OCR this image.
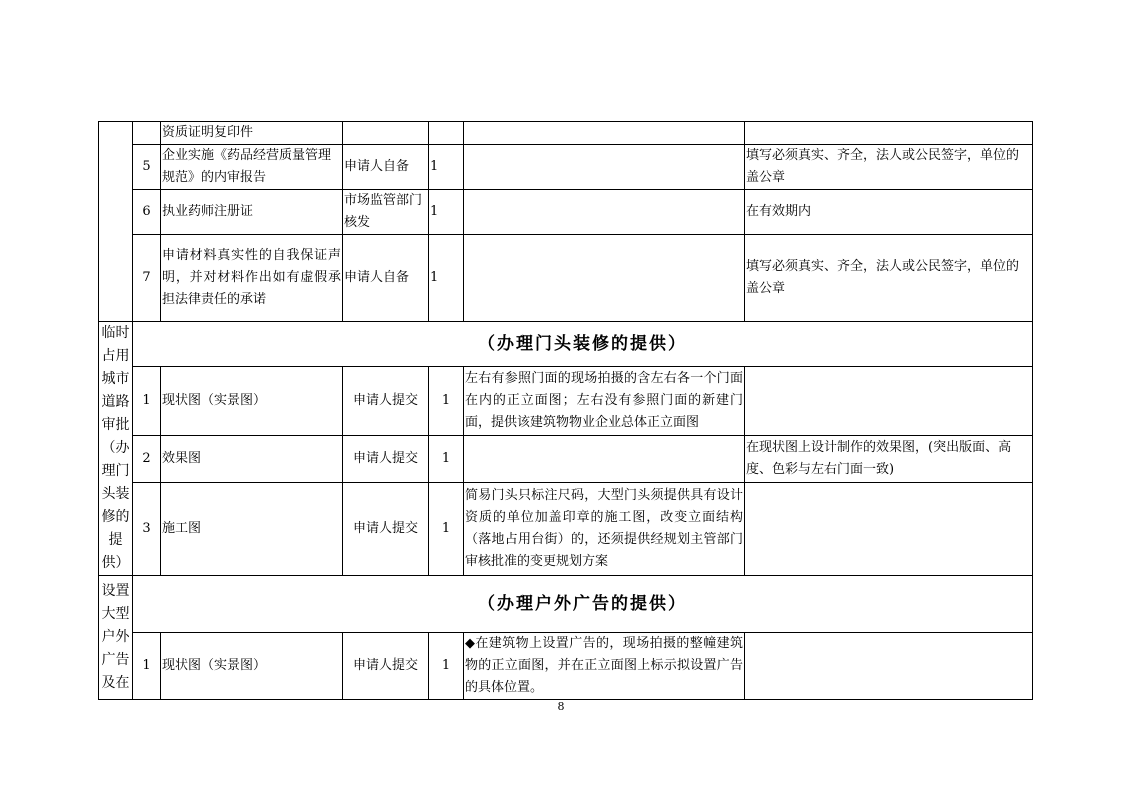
		资质证明复印件				
	5	企业实施《药品经营质量管理规范》的内审报告	申请人自备	1		填写必须真实、齐全，法人或公民签字，单位的盖公章
	6	执业药师注册证	市场监管部门核发	1		在有效期内
	7	申请材料真实性的自我保证声明，并对材料作出如有虚假承担法律责任的承诺	申请人自备	1		填写必须真实、齐全，法人或公民签字，单位的盖公章
临时占用城市道路审批（办理门头装修的提供）	（办理门头装修的提供）					
	1	现状图（实景图）	申请人提交	1	左右有参照门面的现场拍摄的含左右各一个门面在内的正立面图；左右没有参照门面的新建门面，提供该建筑物物业企业总体正立面图	
	2	效果图	申请人提交	1		在现状图上设计制作的效果图，(突出版面、高度、色彩与左右门面一致)
	3	施工图	申请人提交	1	简易门头只标注尺码，大型门头须提供具有设计资质的单位加盖印章的施工图，改变立面结构（落地占用台街）的，还须提供经规划主管部门审核批准的变更规划方案	
设置大型户外广告及在	（办理户外广告的提供）					
	1	现状图（实景图）	申请人提交	1	◆在建筑物上设置广告的，现场拍摄的整幢建筑物的正立面图，并在正立面图上标示拟设置广告的具体位置。	
8
